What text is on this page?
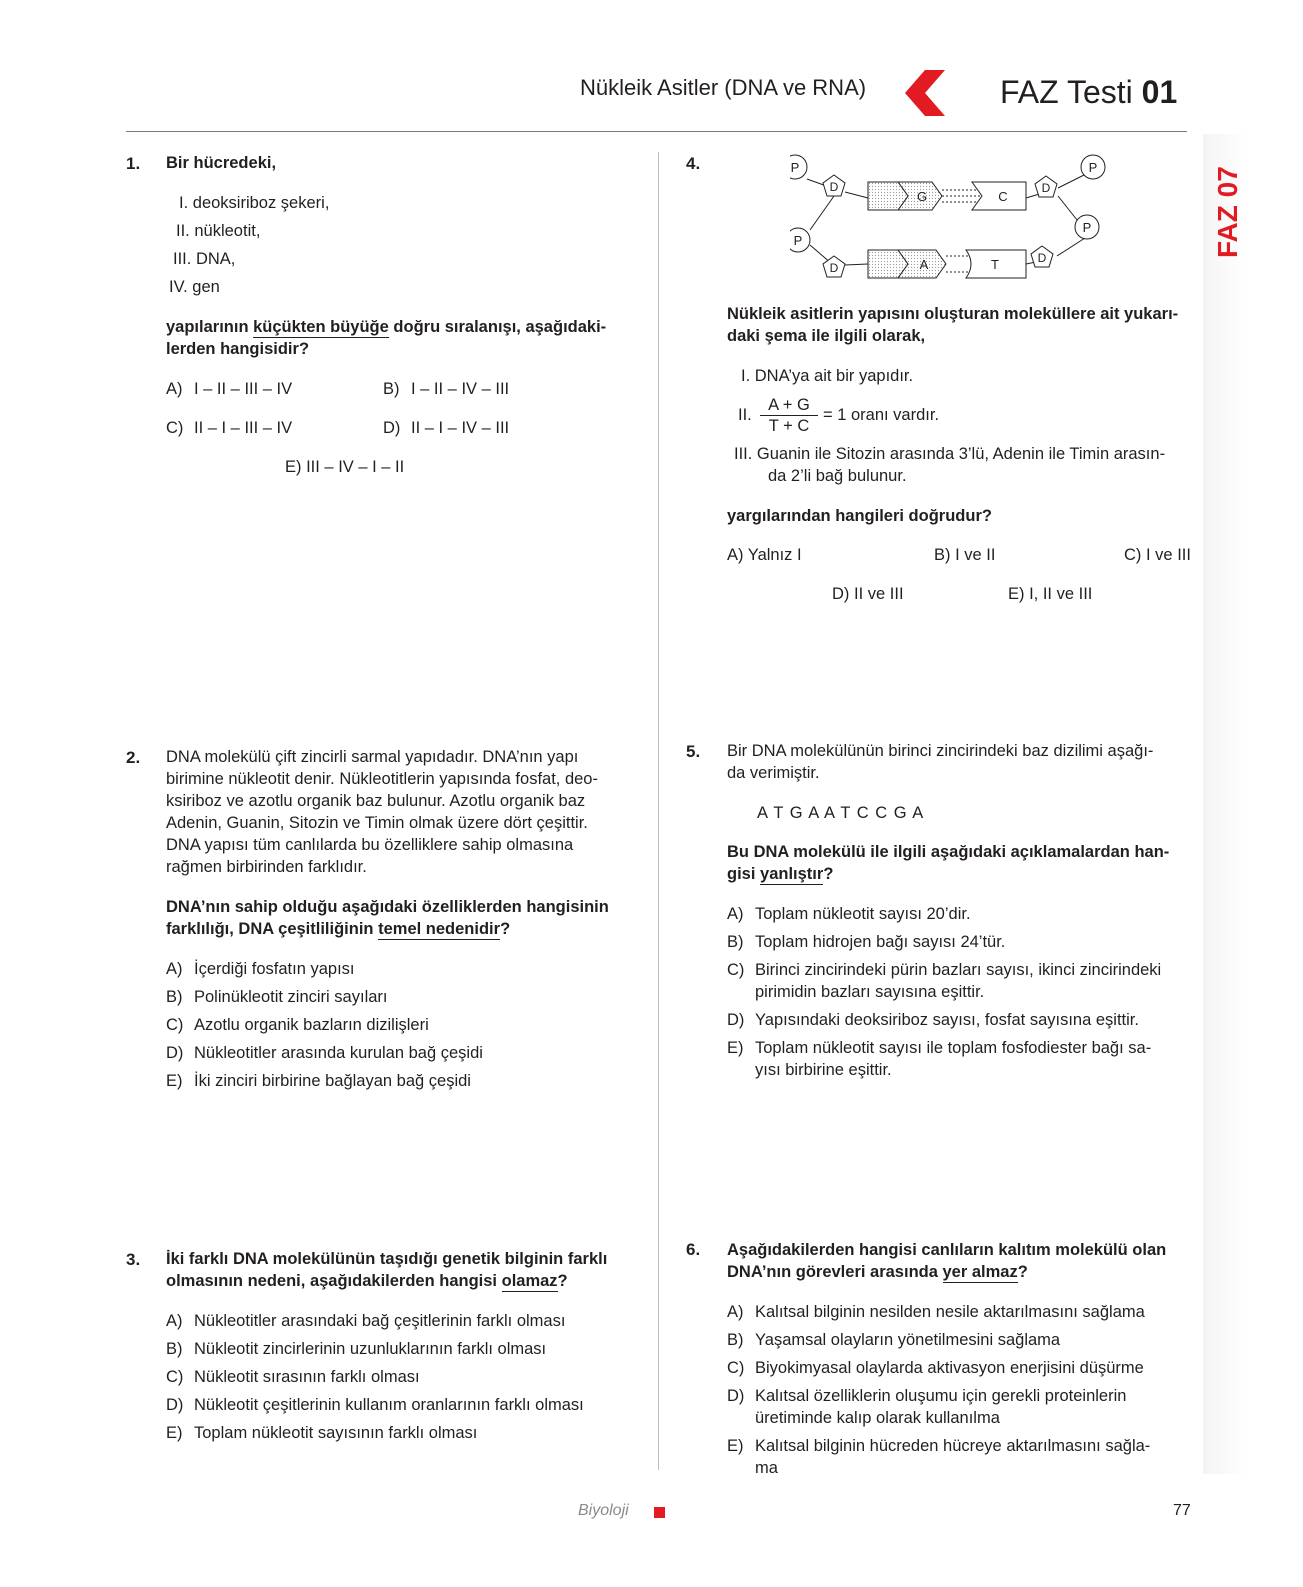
Nükleik Asitler (DNA ve RNA)	FAZ Testi 01
FAZ 07
1. Bir hücredeki,
I. deoksiriboz şekeri,
II. nükleotit,
III. DNA,
IV. gen
yapılarının küçükten büyüğe doğru sıralanışı, aşağıdaki-
lerden hangisidir?
A) I – II – III – IV	B) I – II – IV – III
C) II – I – III – IV	D) II – I – IV – III
E) III – IV – I – II
2. DNA molekülü çift zincirli sarmal yapıdadır. DNA’nın yapı
birimine nükleotit denir. Nükleotitlerin yapısında fosfat, deo-
ksiriboz ve azotlu organik baz bulunur. Azotlu organik baz
Adenin, Guanin, Sitozin ve Timin olmak üzere dört çeşittir.
DNA yapısı tüm canlılarda bu özelliklere sahip olmasına
rağmen birbirinden farklıdır.
DNA’nın sahip olduğu aşağıdaki özelliklerden hangisinin
farklılığı, DNA çeşitliliğinin temel nedenidir?
A) İçerdiği fosfatın yapısı
B) Polinükleotit zinciri sayıları
C) Azotlu organik bazların dizilişleri
D) Nükleotitler arasında kurulan bağ çeşidi
E) İki zinciri birbirine bağlayan bağ çeşidi
3. İki farklı DNA molekülünün taşıdığı genetik bilginin farklı
olmasının nedeni, aşağıdakilerden hangisi olamaz?
A) Nükleotitler arasındaki bağ çeşitlerinin farklı olması
B) Nükleotit zincirlerinin uzunluklarının farklı olması
C) Nükleotit sırasının farklı olması
D) Nükleotit çeşitlerinin kullanım oranlarının farklı olması
E) Toplam nükleotit sayısının farklı olması
4.	P	P
P
P
D	D
D
D
G	C
A	T
Nükleik asitlerin yapısını oluşturan moleküllere ait yukarı-
daki şema ile ilgili olarak,
I. DNA’ya ait bir yapıdır.
II. $\frac{A + G}{T + C} = 1$ oranı vardır.
III. Guanin ile Sitozin arasında 3’lü, Adenin ile Timin arasın-
da 2’li bağ bulunur.
yargılarından hangileri doğrudur?
A) Yalnız I	B) I ve II	C) I ve III
D) II ve III	E) I, II ve III
5. Bir DNA molekülünün birinci zincirindeki baz dizilimi aşağı-
da verimiştir.
A T G A A T C C G A
Bu DNA molekülü ile ilgili aşağıdaki açıklamalardan han-
gisi yanlıştır?
A) Toplam nükleotit sayısı 20’dir.
B) Toplam hidrojen bağı sayısı 24’tür.
C) Birinci zincirindeki pürin bazları sayısı, ikinci zincirindeki
pirimidin bazları sayısına eşittir.
D) Yapısındaki deoksiriboz sayısı, fosfat sayısına eşittir.
E) Toplam nükleotit sayısı ile toplam fosfodiester bağı sa-
yısı birbirine eşittir.
6. Aşağıdakilerden hangisi canlıların kalıtım molekülü olan
DNA’nın görevleri arasında yer almaz?
A) Kalıtsal bilginin nesilden nesile aktarılmasını sağlama
B) Yaşamsal olayların yönetilmesini sağlama
C) Biyokimyasal olaylarda aktivasyon enerjisini düşürme
D) Kalıtsal özelliklerin oluşumu için gerekli proteinlerin
üretiminde kalıp olarak kullanılma
E) Kalıtsal bilginin hücreden hücreye aktarılmasını sağla-
ma
Biyoloji	77
